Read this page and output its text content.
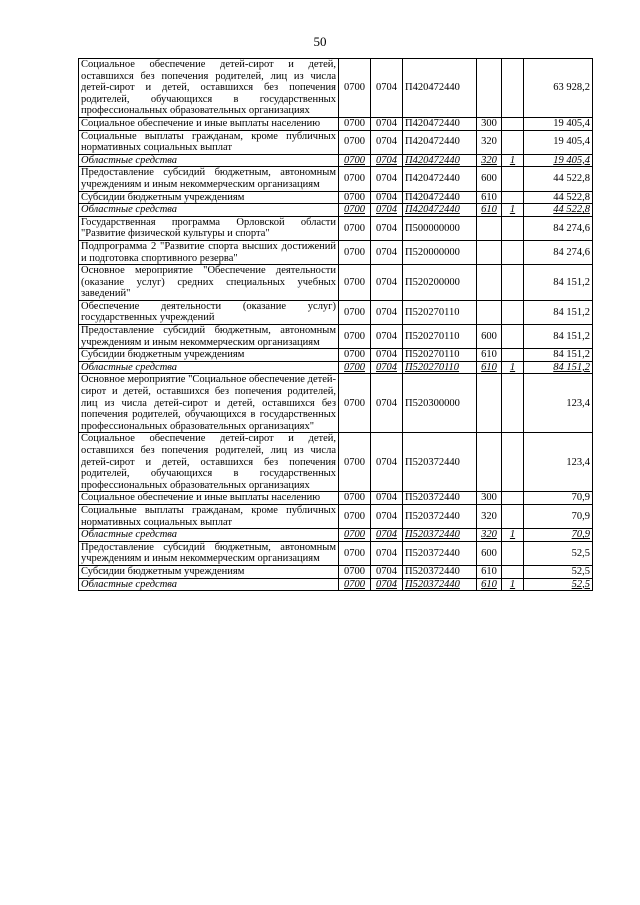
50
Социальное обеспечение детей-сирот и детей, оставшихся без попечения родителей, лиц из числа детей-сирот и детей, оставшихся без попечения родителей, обучающихся в государственных профессиональных образовательных организациях	0700	0704	П420472440			63 928,2

Социальное обеспечение и иные выплаты населению	0700	0704	П420472440	300		19 405,4

Социальные выплаты гражданам, кроме публичных нормативных социальных выплат	0700	0704	П420472440	320		19 405,4

Областные средства	0700	0704	П420472440	320	1	19 405,4

Предоставление субсидий бюджетным, автономным учреждениям и иным некоммерческим организациям	0700	0704	П420472440	600		44 522,8

Субсидии бюджетным учреждениям	0700	0704	П420472440	610		44 522,8

Областные средства	0700	0704	П420472440	610	1	44 522,8

Государственная программа Орловской области "Развитие физической культуры и спорта"	0700	0704	П500000000			84 274,6

Подпрограмма 2 "Развитие спорта высших достижений и подготовка спортивного резерва"	0700	0704	П520000000			84 274,6

Основное мероприятие "Обеспечение деятельности (оказание услуг) средних специальных учебных заведений"	0700	0704	П520200000			84 151,2

Обеспечение деятельности (оказание услуг) государственных учреждений	0700	0704	П520270110			84 151,2

Предоставление субсидий бюджетным, автономным учреждениям и иным некоммерческим организациям	0700	0704	П520270110	600		84 151,2

Субсидии бюджетным учреждениям	0700	0704	П520270110	610		84 151,2

Областные средства	0700	0704	П520270110	610	1	84 151,2

Основное мероприятие "Социальное обеспечение детей-сирот и детей, оставшихся без попечения родителей, лиц из числа детей-сирот и детей, оставшихся без попечения родителей, обучающихся в государственных профессиональных образовательных организациях"	0700	0704	П520300000			123,4

Социальное обеспечение детей-сирот и детей, оставшихся без попечения родителей, лиц из числа детей-сирот и детей, оставшихся без попечения родителей, обучающихся в государственных профессиональных образовательных организациях	0700	0704	П520372440			123,4

Социальное обеспечение и иные выплаты населению	0700	0704	П520372440	300		70,9

Социальные выплаты гражданам, кроме публичных нормативных социальных выплат	0700	0704	П520372440	320		70,9

Областные средства	0700	0704	П520372440	320	1	70,9

Предоставление субсидий бюджетным, автономным учреждениям и иным некоммерческим организациям	0700	0704	П520372440	600		52,5

Субсидии бюджетным учреждениям	0700	0704	П520372440	610		52,5

Областные средства	0700	0704	П520372440	610	1	52,5
